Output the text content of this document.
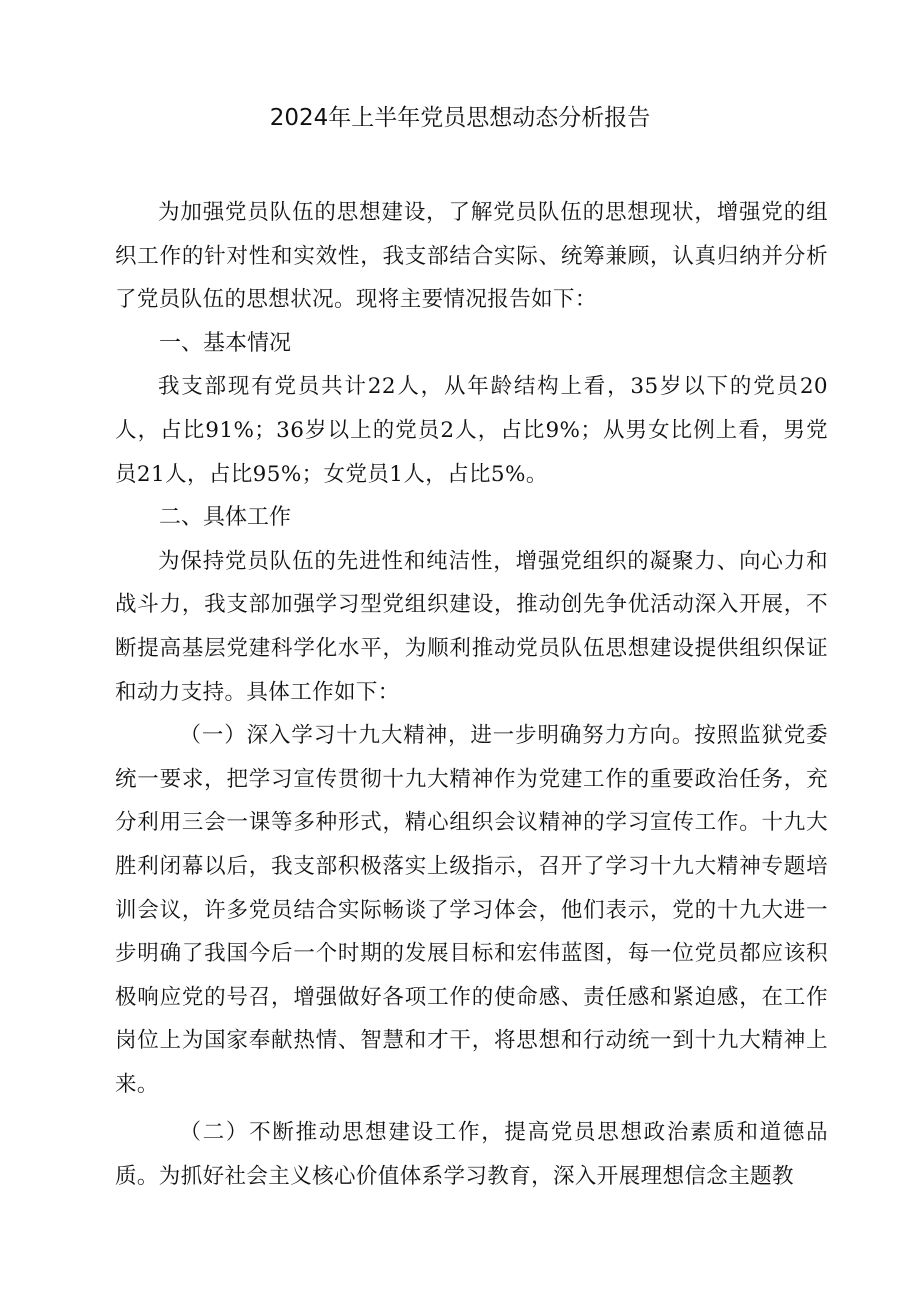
2024年上半年党员思想动态分析报告

为加强党员队伍的思想建设，了解党员队伍的思想现状，增强党的组织工作的针对性和实效性，我支部结合实际、统筹兼顾，认真归纳并分析了党员队伍的思想状况。现将主要情况报告如下：

一、基本情况

我支部现有党员共计22人，从年龄结构上看，35岁以下的党员20人，占比91%；36岁以上的党员2人，占比9%；从男女比例上看，男党员21人，占比95%；女党员1人，占比5%。

二、具体工作

为保持党员队伍的先进性和纯洁性，增强党组织的凝聚力、向心力和战斗力，我支部加强学习型党组织建设，推动创先争优活动深入开展，不断提高基层党建科学化水平，为顺利推动党员队伍思想建设提供组织保证和动力支持。具体工作如下：

（一）深入学习十九大精神，进一步明确努力方向。按照监狱党委统一要求，把学习宣传贯彻十九大精神作为党建工作的重要政治任务，充分利用三会一课等多种形式，精心组织会议精神的学习宣传工作。十九大胜利闭幕以后，我支部积极落实上级指示，召开了学习十九大精神专题培训会议，许多党员结合实际畅谈了学习体会，他们表示，党的十九大进一步明确了我国今后一个时期的发展目标和宏伟蓝图，每一位党员都应该积极响应党的号召，增强做好各项工作的使命感、责任感和紧迫感，在工作岗位上为国家奉献热情、智慧和才干，将思想和行动统一到十九大精神上来。

（二）不断推动思想建设工作，提高党员思想政治素质和道德品质。为抓好社会主义核心价值体系学习教育，深入开展理想信念主题教
